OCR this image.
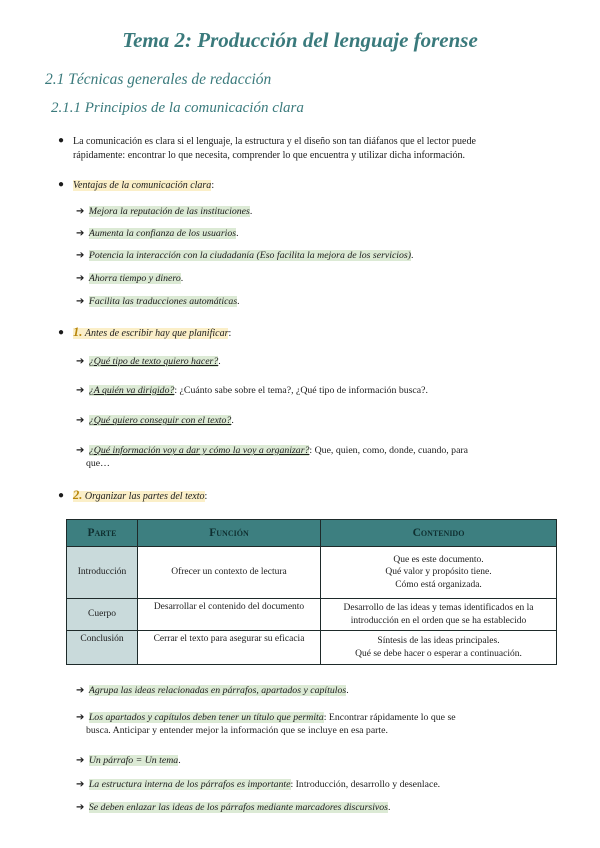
Tema 2: Producción del lenguaje forense
2.1 Técnicas generales de redacción
2.1.1 Principios de la comunicación clara
● La comunicación es clara si el lenguaje, la estructura y el diseño son tan diáfanos que el lector puede
rápidamente: encontrar lo que necesita, comprender lo que encuentra y utilizar dicha información.
● Ventajas de la comunicación clara:
➔ Mejora la reputación de las instituciones.
➔ Aumenta la confianza de los usuarios.
➔ Potencia la interacción con la ciudadanía (Eso facilita la mejora de los servicios).
➔ Ahorra tiempo y dinero.
➔ Facilita las traducciones automáticas.
● 1. Antes de escribir hay que planificar:
➔ ¿Qué tipo de texto quiero hacer?.
➔ ¿A quién va dirigido?: ¿Cuánto sabe sobre el tema?, ¿Qué tipo de información busca?.
➔ ¿Qué quiero conseguir con el texto?.
➔ ¿Qué información voy a dar y cómo la voy a organizar?: Que, quien, como, donde, cuando, para
que…
● 2. Organizar las partes del texto:
Parte	Función	Contenido
Introducción	Ofrecer un contexto de lectura	Que es este documento.
Qué valor y propósito tiene.
Cómo está organizada.
Cuerpo	Desarrollar el contenido del documento	Desarrollo de las ideas y temas identificados en la
introducción en el orden que se ha establecido
Conclusión	Cerrar el texto para asegurar su eficacia	Síntesis de las ideas principales.
Qué se debe hacer o esperar a continuación.
➔ Agrupa las ideas relacionadas en párrafos, apartados y capítulos.
➔ Los apartados y capítulos deben tener un título que permita: Encontrar rápidamente lo que se
busca. Anticipar y entender mejor la información que se incluye en esa parte.
➔ Un párrafo = Un tema.
➔ La estructura interna de los párrafos es importante: Introducción, desarrollo y desenlace.
➔ Se deben enlazar las ideas de los párrafos mediante marcadores discursivos.
